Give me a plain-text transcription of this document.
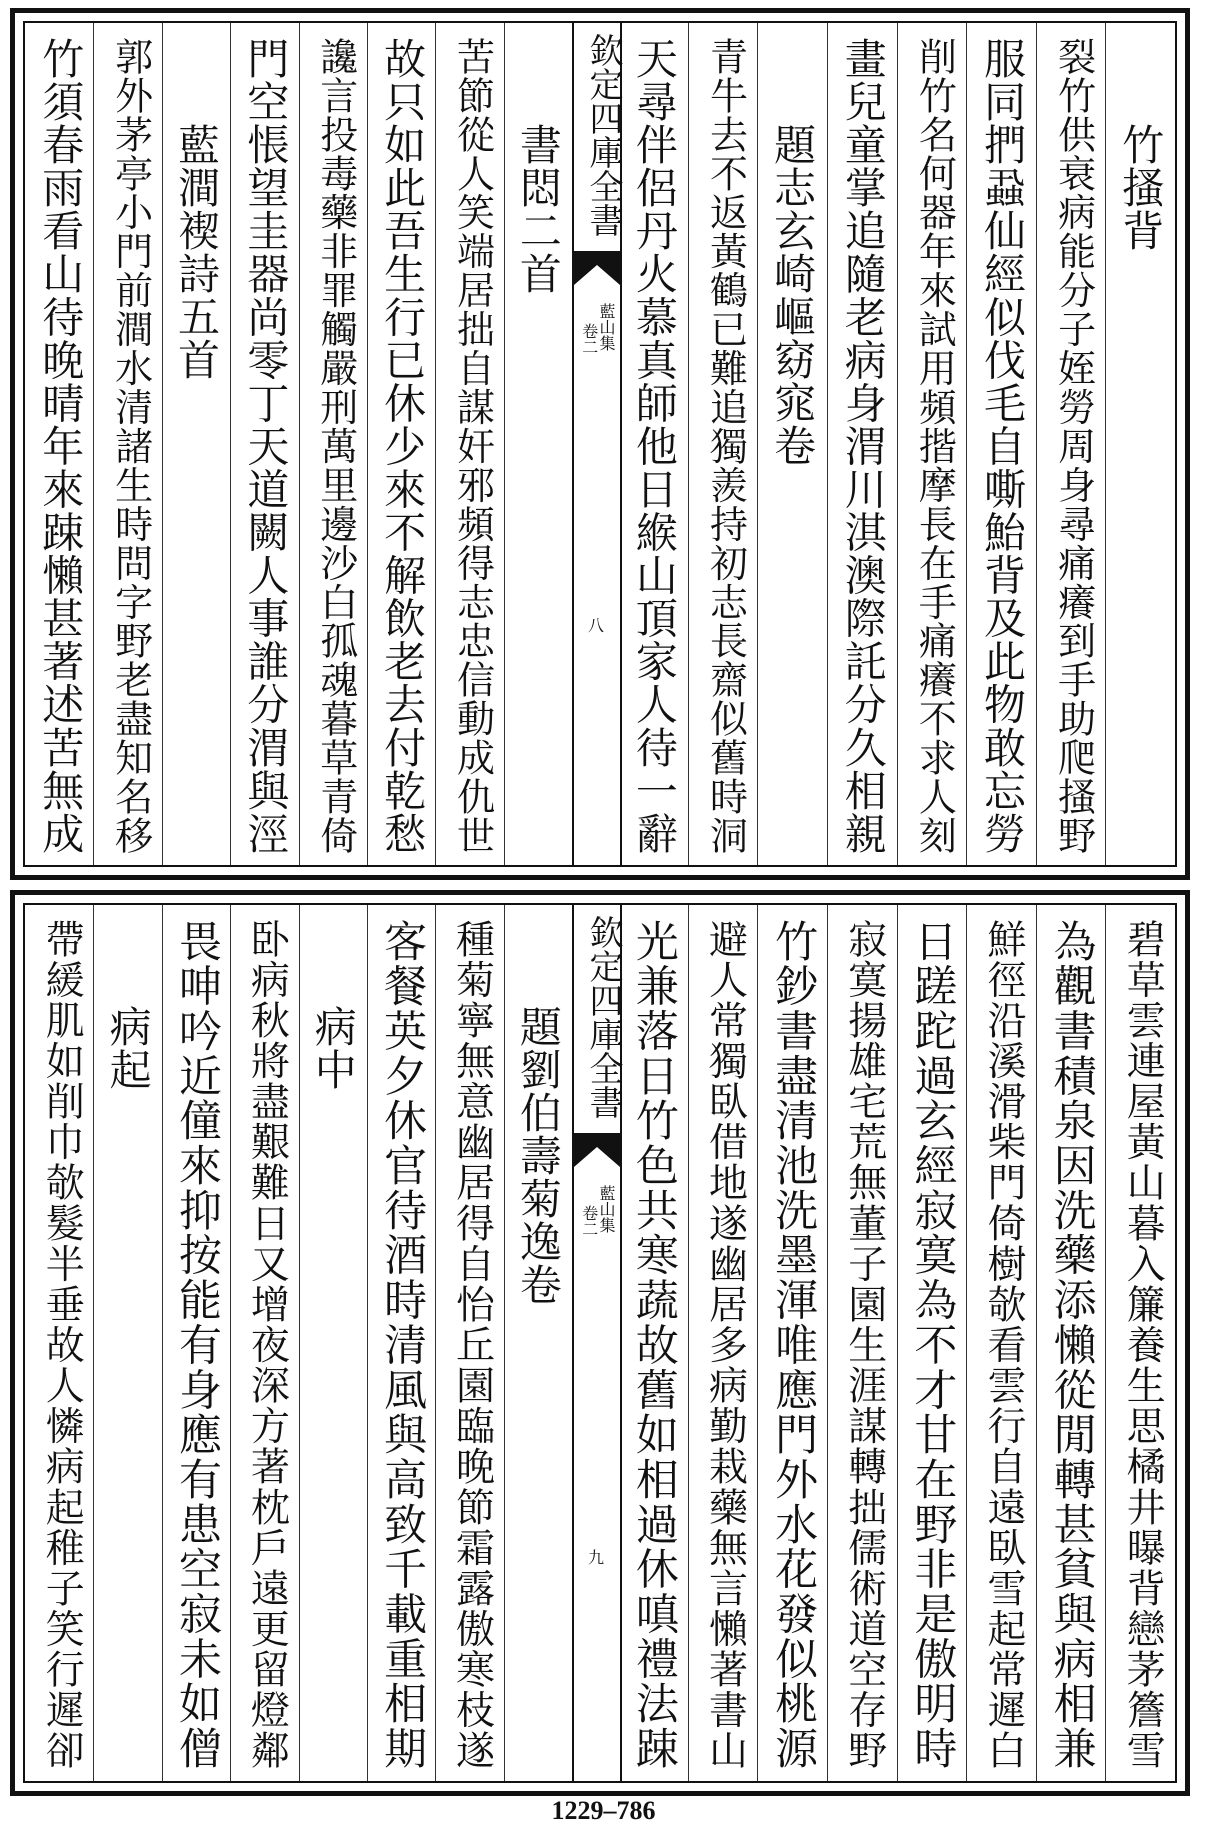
竹搔背
裂竹供衰病能分子姪勞周身尋痛癢到手助爬搔野
服同捫蝨仙經似伐毛自嘶鮐背及此物敢忘勞
削竹名何器年來試用頻揩摩長在手痛癢不求人刻
畫兒童掌追隨老病身渭川淇澳際託分久相親
題志玄崎嶇窈窕卷
青牛去不返黃鶴已難追獨羨持初志長齋似舊時洞
天尋伴侶丹火慕真師他日緱山頂家人待一辭
書悶二首
苦節從人笑端居拙自謀奸邪頻得志忠信動成仇世
故只如此吾生行已休少來不解飲老去付乾愁
讒言投毒藥非罪觸嚴刑萬里邊沙白孤魂暮草青倚
門空悵望圭器尚零丁天道闕人事誰分渭與涇
藍澗褉詩五首
郭外茅亭小門前澗水清諸生時問字野老盡知名移
竹須春雨看山待晚晴年來踈懶甚著述苦無成	欽定四庫全書
藍山集
卷二
八
碧草雲連屋黃山暮入簾養生思橘井曝背戀茅簷雪
為觀書積泉因洗藥添懶從閒轉甚貧與病相兼
鮮徑沿溪滑柴門倚樹欹看雲行自遠臥雪起常遲白
日蹉跎過玄經寂寞為不才甘在野非是傲明時
寂寞揚雄宅荒無董子園生涯謀轉拙儒術道空存野
竹鈔書盡清池洗墨渾唯應門外水花發似桃源
避人常獨臥借地遂幽居多病勤栽藥無言懶著書山
光兼落日竹色共寒蔬故舊如相過休嗔禮法踈
題劉伯壽菊逸卷
種菊寧無意幽居得自怡丘園臨晚節霜露傲寒枝遂
客餐英夕休官待酒時清風與高致千載重相期
病中
卧病秋將盡艱難日又增夜深方著枕戶遠更留燈鄰
畏呻吟近僮來抑按能有身應有患空寂未如僧
病起
帶緩肌如削巾欹髮半垂故人憐病起稚子笑行遲卻	欽定四庫全書
藍山集
卷二
九
1229–786
